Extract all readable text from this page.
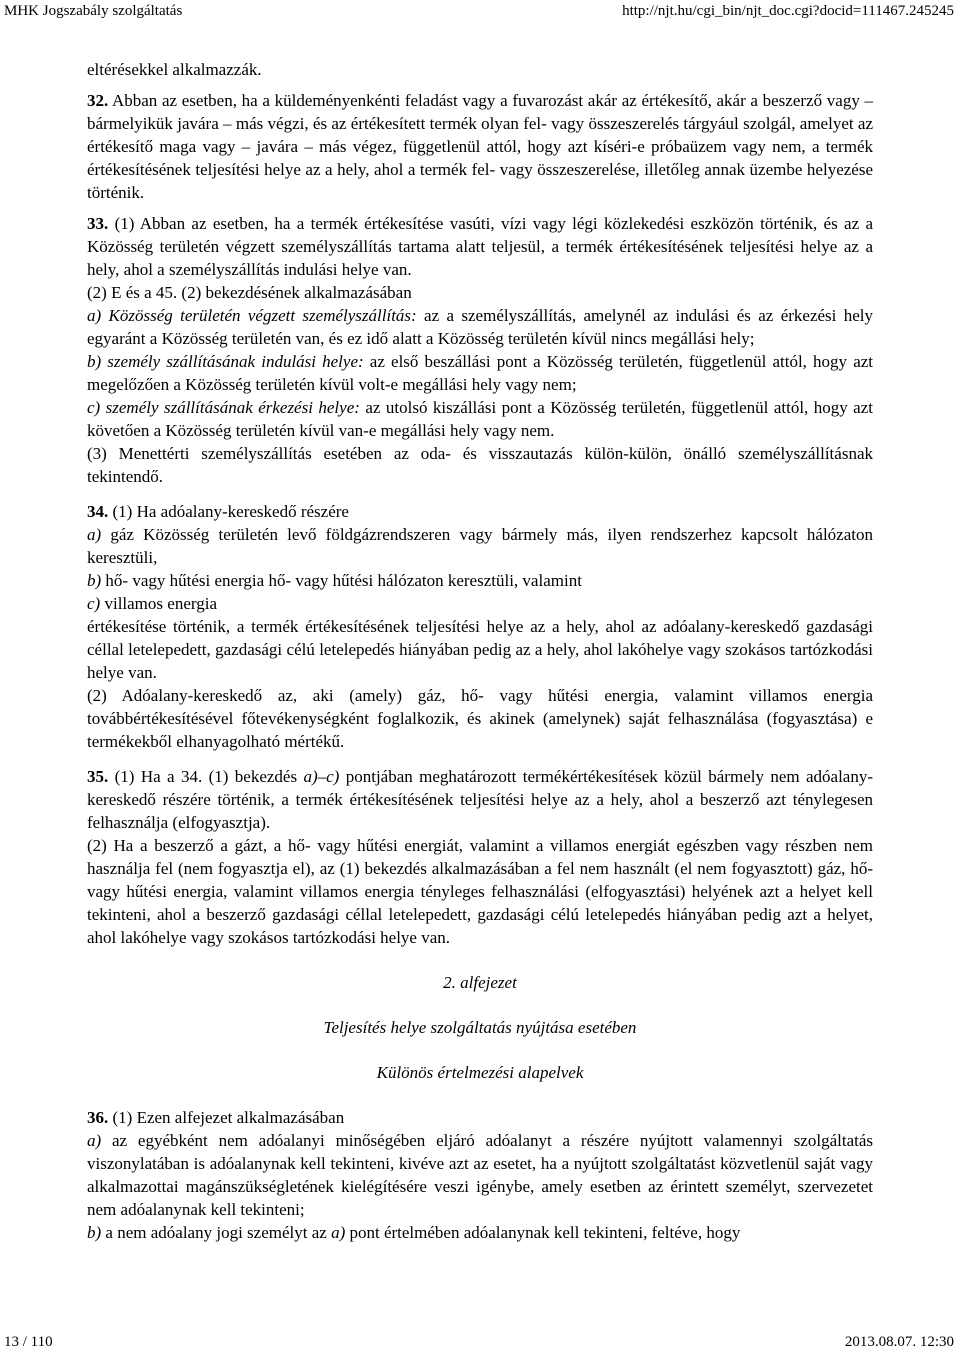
MHK Jogszabály szolgáltatás	http://njt.hu/cgi_bin/njt_doc.cgi?docid=111467.245245

eltérésekkel alkalmazzák.

32. Abban az esetben, ha a küldeményenkénti feladást vagy a fuvarozást akár az értékesítő, akár a beszerző vagy – bármelyikük javára – más végzi, és az értékesített termék olyan fel- vagy összeszerelés tárgyául szolgál, amelyet az értékesítő maga vagy – javára – más végez, függetlenül attól, hogy azt kíséri-e próbaüzem vagy nem, a termék értékesítésének teljesítési helye az a hely, ahol a termék fel- vagy összeszerelése, illetőleg annak üzembe helyezése történik.

33. (1) Abban az esetben, ha a termék értékesítése vasúti, vízi vagy légi közlekedési eszközön történik, és az a Közösség területén végzett személyszállítás tartama alatt teljesül, a termék értékesítésének teljesítési helye az a hely, ahol a személyszállítás indulási helye van.

(2) E és a 45. (2) bekezdésének alkalmazásában

a) Közösség területén végzett személyszállítás: az a személyszállítás, amelynél az indulási és az érkezési hely egyaránt a Közösség területén van, és ez idő alatt a Közösség területén kívül nincs megállási hely;

b) személy szállításának indulási helye: az első beszállási pont a Közösség területén, függetlenül attól, hogy azt megelőzően a Közösség területén kívül volt-e megállási hely vagy nem;

c) személy szállításának érkezési helye: az utolsó kiszállási pont a Közösség területén, függetlenül attól, hogy azt követően a Közösség területén kívül van-e megállási hely vagy nem.

(3) Menettérti személyszállítás esetében az oda- és visszautazás külön-külön, önálló személyszállításnak tekintendő.

34. (1) Ha adóalany-kereskedő részére

a) gáz Közösség területén levő földgázrendszeren vagy bármely más, ilyen rendszerhez kapcsolt hálózaton keresztüli,

b) hő- vagy hűtési energia hő- vagy hűtési hálózaton keresztüli, valamint

c) villamos energia

értékesítése történik, a termék értékesítésének teljesítési helye az a hely, ahol az adóalany-kereskedő gazdasági céllal letelepedett, gazdasági célú letelepedés hiányában pedig az a hely, ahol lakóhelye vagy szokásos tartózkodási helye van.

(2) Adóalany-kereskedő az, aki (amely) gáz, hő- vagy hűtési energia, valamint villamos energia továbbértékesítésével főtevékenységként foglalkozik, és akinek (amelynek) saját felhasználása (fogyasztása) e termékekből elhanyagolható mértékű.

35. (1) Ha a 34. (1) bekezdés a)–c) pontjában meghatározott termékértékesítések közül bármely nem adóalany-kereskedő részére történik, a termék értékesítésének teljesítési helye az a hely, ahol a beszerző azt ténylegesen felhasználja (elfogyasztja).

(2) Ha a beszerző a gázt, a hő- vagy hűtési energiát, valamint a villamos energiát egészben vagy részben nem használja fel (nem fogyasztja el), az (1) bekezdés alkalmazásában a fel nem használt (el nem fogyasztott) gáz, hő- vagy hűtési energia, valamint villamos energia tényleges felhasználási (elfogyasztási) helyének azt a helyet kell tekinteni, ahol a beszerző gazdasági céllal letelepedett, gazdasági célú letelepedés hiányában pedig azt a helyet, ahol lakóhelye vagy szokásos tartózkodási helye van.

2. alfejezet

Teljesítés helye szolgáltatás nyújtása esetében

Különös értelmezési alapelvek

36. (1) Ezen alfejezet alkalmazásában

a) az egyébként nem adóalanyi minőségében eljáró adóalanyt a részére nyújtott valamennyi szolgáltatás viszonylatában is adóalanynak kell tekinteni, kivéve azt az esetet, ha a nyújtott szolgáltatást közvetlenül saját vagy alkalmazottai magánszükségletének kielégítésére veszi igénybe, amely esetben az érintett személyt, szervezetet nem adóalanynak kell tekinteni;

b) a nem adóalany jogi személyt az a) pont értelmében adóalanynak kell tekinteni, feltéve, hogy

13 / 110	2013.08.07. 12:30
